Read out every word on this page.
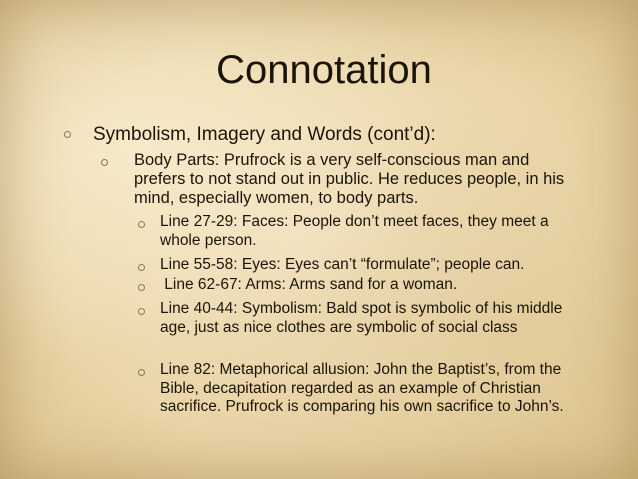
Connotation
Symbolism, Imagery and Words (cont’d):
Body Parts: Prufrock is a very self-conscious man and prefers to not stand out in public. He reduces people, in his mind, especially women, to body parts.
Line 27-29: Faces: People don’t meet faces, they meet a whole person.
Line 55-58: Eyes: Eyes can’t “formulate”; people can.
Line 62-67: Arms: Arms sand for a woman.
Line 40-44: Symbolism: Bald spot is symbolic of his middle age, just as nice clothes are symbolic of social class
Line 82: Metaphorical allusion: John the Baptist’s, from the Bible, decapitation regarded as an example of Christian sacrifice. Prufrock is comparing his own sacrifice to John’s.
